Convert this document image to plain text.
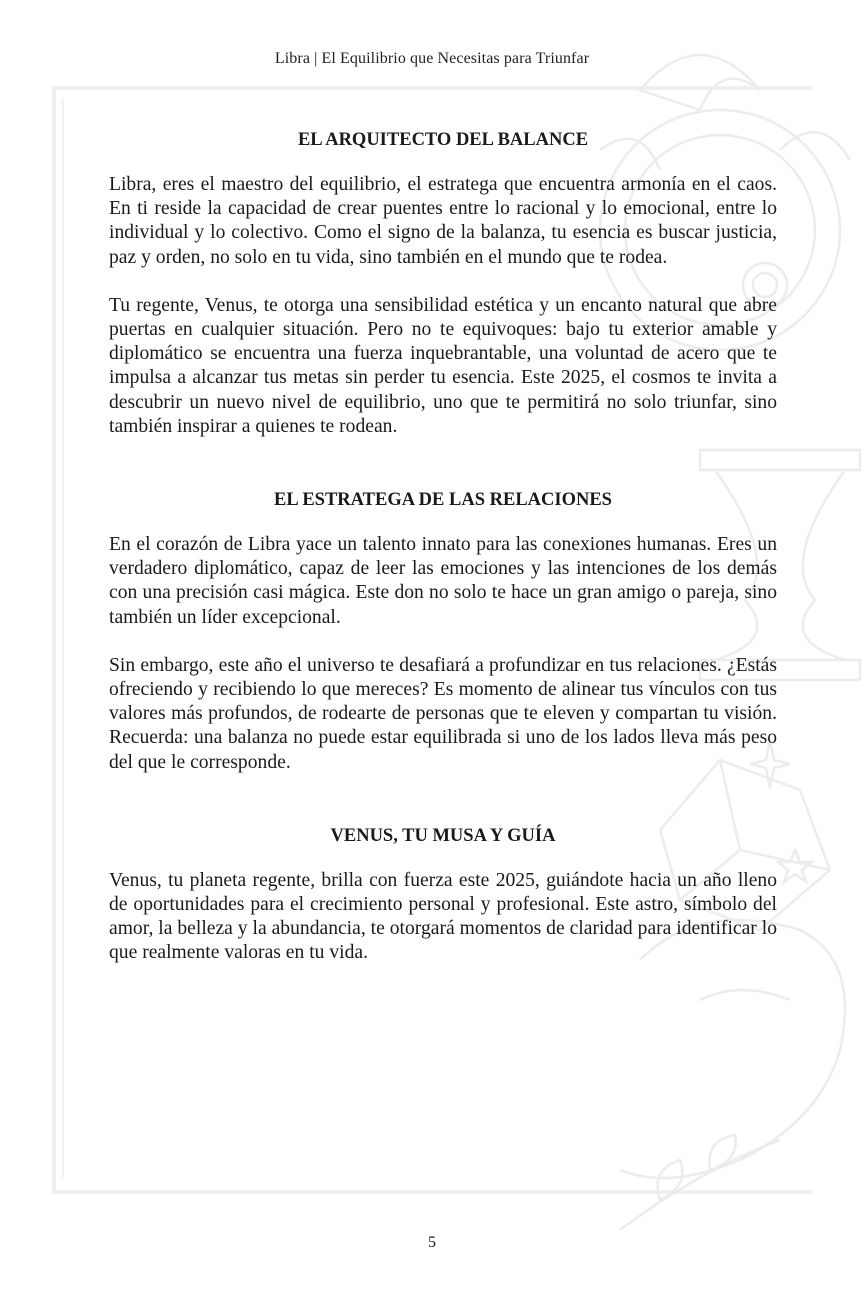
Libra | El Equilibrio que Necesitas para Triunfar
EL ARQUITECTO DEL BALANCE

Libra, eres el maestro del equilibrio, el estratega que encuentra armonía en el caos. En ti reside la capacidad de crear puentes entre lo racional y lo emocional, entre lo individual y lo colectivo. Como el signo de la balanza, tu esencia es buscar justicia, paz y orden, no solo en tu vida, sino también en el mundo que te rodea.

Tu regente, Venus, te otorga una sensibilidad estética y un encanto natural que abre puertas en cualquier situación. Pero no te equivoques: bajo tu exterior amable y diplomático se encuentra una fuerza inquebrantable, una voluntad de acero que te impulsa a alcanzar tus metas sin perder tu esencia. Este 2025, el cosmos te invita a descubrir un nuevo nivel de equilibrio, uno que te permitirá no solo triunfar, sino también inspirar a quienes te rodean.

EL ESTRATEGA DE LAS RELACIONES

En el corazón de Libra yace un talento innato para las conexiones humanas. Eres un verdadero diplomático, capaz de leer las emociones y las intenciones de los demás con una precisión casi mágica. Este don no solo te hace un gran amigo o pareja, sino también un líder excepcional.

Sin embargo, este año el universo te desafiará a profundizar en tus relaciones. ¿Estás ofreciendo y recibiendo lo que mereces? Es momento de alinear tus vínculos con tus valores más profundos, de rodearte de personas que te eleven y compartan tu visión. Recuerda: una balanza no puede estar equilibrada si uno de los lados lleva más peso del que le corresponde.

VENUS, TU MUSA Y GUÍA

Venus, tu planeta regente, brilla con fuerza este 2025, guiándote hacia un año lleno de oportunidades para el crecimiento personal y profesional. Este astro, símbolo del amor, la belleza y la abundancia, te otorgará momentos de claridad para identificar lo que realmente valoras en tu vida.

5
